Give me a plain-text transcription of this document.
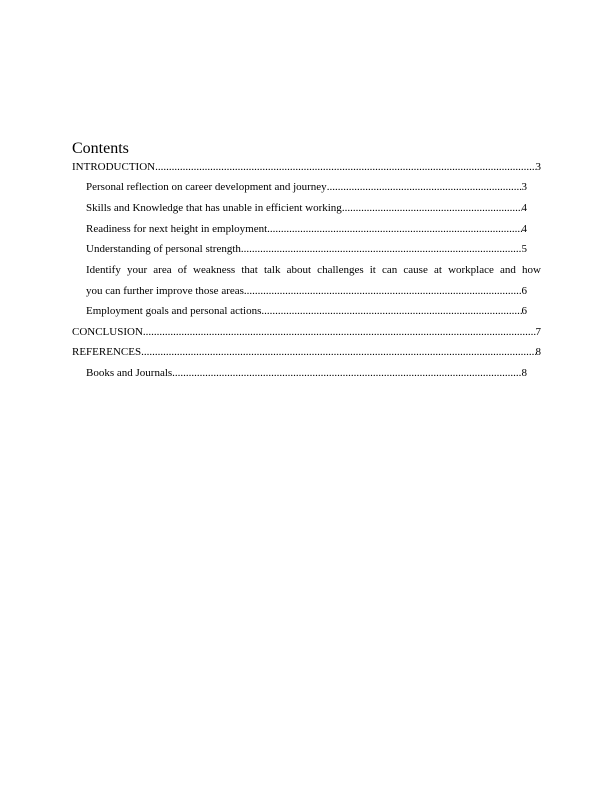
Contents
INTRODUCTION .....	3
Personal reflection on career development and journey .....	3
Skills and Knowledge that has unable in efficient working .....	4
Readiness for next height in employment .....	4
Understanding of personal strength .....	5
Identify your area of weakness that talk about challenges it can cause at workplace and how
you can further improve those areas .....	6
Employment goals and personal actions .....	6
CONCLUSION .....	7
REFERENCES .....	8
Books and Journals .....	8
